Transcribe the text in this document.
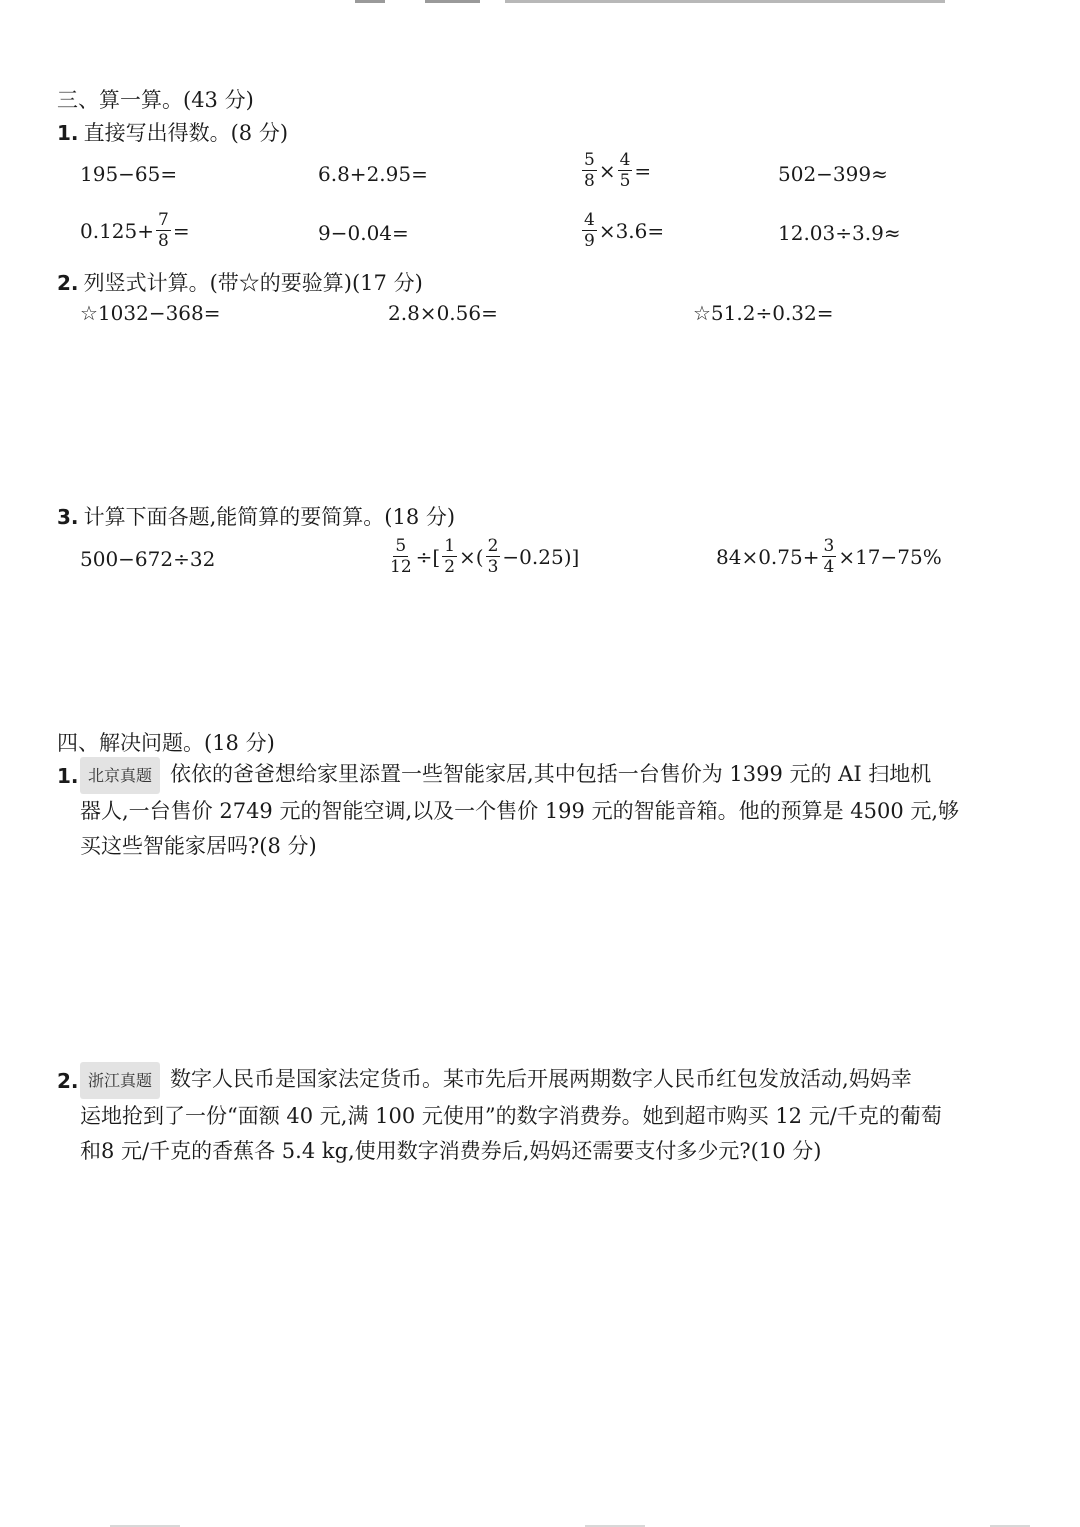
三、算一算。(43 分)
1. 直接写出得数。(8 分)
195−65=	6.8+2.95=	$\frac{5}{8} \times \frac{4}{5}$ =	502−399≈
$0.125+ \frac{7}{8}$ =	9−0.04=	$\frac{4}{9} \times 3.6=$	12.03÷3.9≈
2. 列竖式计算。(带☆的要验算)(17 分)
☆1032−368=	2.8×0.56=	☆51.2÷0.32=
3. 计算下面各题,能简算的要简算。(18 分)
500−672÷32	$\frac{5}{12}$ ÷[ $\frac{1}{2}$ ×( $\frac{2}{3} -0.25$)]	$84\times 0.75+ \frac{3}{4} \times 17-75\%$
四、解决问题。(18 分)
1. 北京真题 依依的爸爸想给家里添置一些智能家居,其中包括一台售价为 1399 元的 AI 扫地机
器人,一台售价 2749 元的智能空调,以及一个售价 199 元的智能音箱。他的预算是 4500 元,够
买这些智能家居吗?(8 分)
2. 浙江真题 数字人民币是国家法定货币。某市先后开展两期数字人民币红包发放活动,妈妈幸
运地抢到了一份“面额 40 元,满 100 元使用”的数字消费券。她到超市购买 12 元/千克的葡萄
和8 元/千克的香蕉各 5.4 kg,使用数字消费券后,妈妈还需要支付多少元?(10 分)
